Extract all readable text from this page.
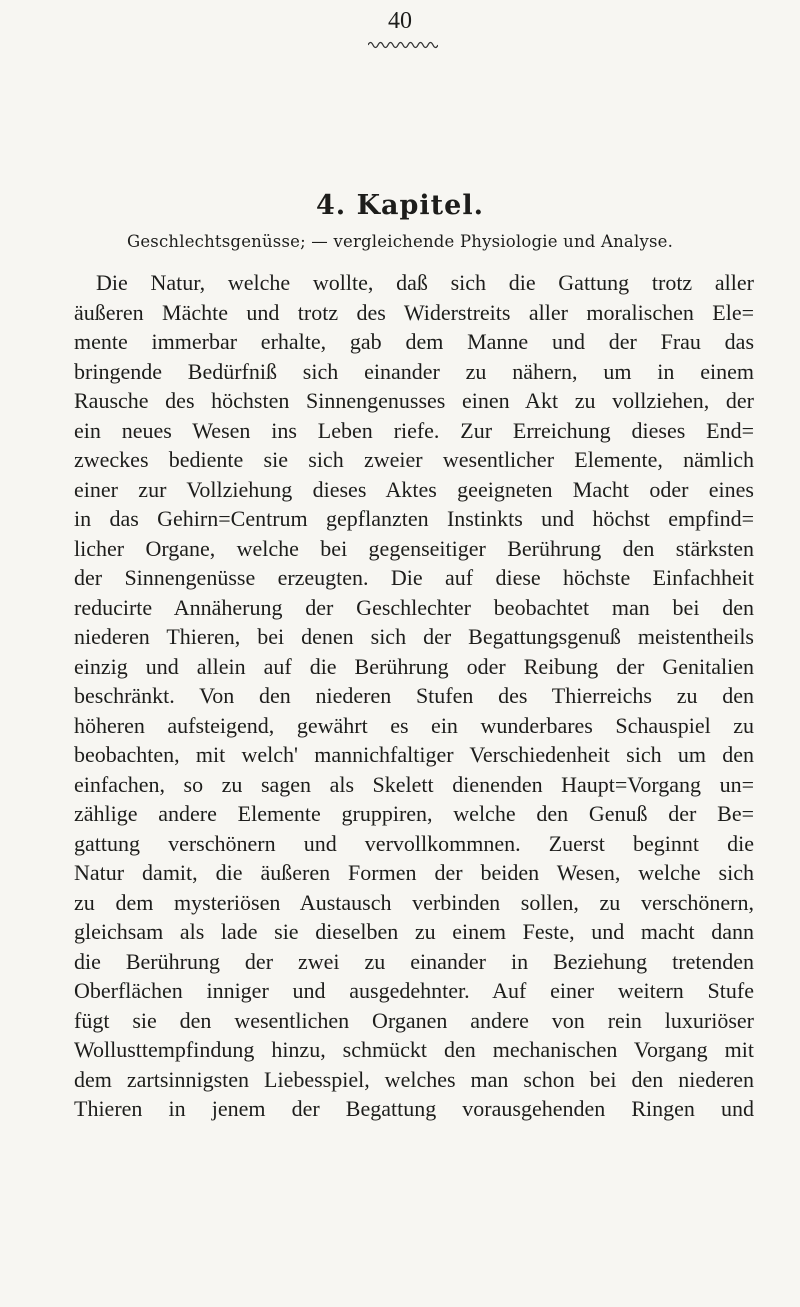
40
4. Kapitel.
Geschlechtsgenüsse; — vergleichende Physiologie und Analyse.
Die Natur, welche wollte, daß sich die Gattung trotz aller
äußeren Mächte und trotz des Widerstreits aller moralischen Ele=
mente immerbar erhalte, gab dem Manne und der Frau das
bringende Bedürfniß sich einander zu nähern, um in einem
Rausche des höchsten Sinnengenusses einen Akt zu vollziehen, der
ein neues Wesen ins Leben riefe. Zur Erreichung dieses End=
zweckes bediente sie sich zweier wesentlicher Elemente, nämlich
einer zur Vollziehung dieses Aktes geeigneten Macht oder eines
in das Gehirn=Centrum gepflanzten Instinkts und höchst empfind=
licher Organe, welche bei gegenseitiger Berührung den stärksten
der Sinnengenüsse erzeugten. Die auf diese höchste Einfachheit
reducirte Annäherung der Geschlechter beobachtet man bei den
niederen Thieren, bei denen sich der Begattungsgenuß meistentheils
einzig und allein auf die Berührung oder Reibung der Genitalien
beschränkt. Von den niederen Stufen des Thierreichs zu den
höheren aufsteigend, gewährt es ein wunderbares Schauspiel zu
beobachten, mit welch' mannichfaltiger Verschiedenheit sich um den
einfachen, so zu sagen als Skelett dienenden Haupt=Vorgang un=
zählige andere Elemente gruppiren, welche den Genuß der Be=
gattung verschönern und vervollkommnen. Zuerst beginnt die
Natur damit, die äußeren Formen der beiden Wesen, welche sich
zu dem mysteriösen Austausch verbinden sollen, zu verschönern,
gleichsam als lade sie dieselben zu einem Feste, und macht dann
die Berührung der zwei zu einander in Beziehung tretenden
Oberflächen inniger und ausgedehnter. Auf einer weitern Stufe
fügt sie den wesentlichen Organen andere von rein luxuriöser
Wollusttempfindung hinzu, schmückt den mechanischen Vorgang mit
dem zartsinnigsten Liebesspiel, welches man schon bei den niederen
Thieren in jenem der Begattung vorausgehenden Ringen und
